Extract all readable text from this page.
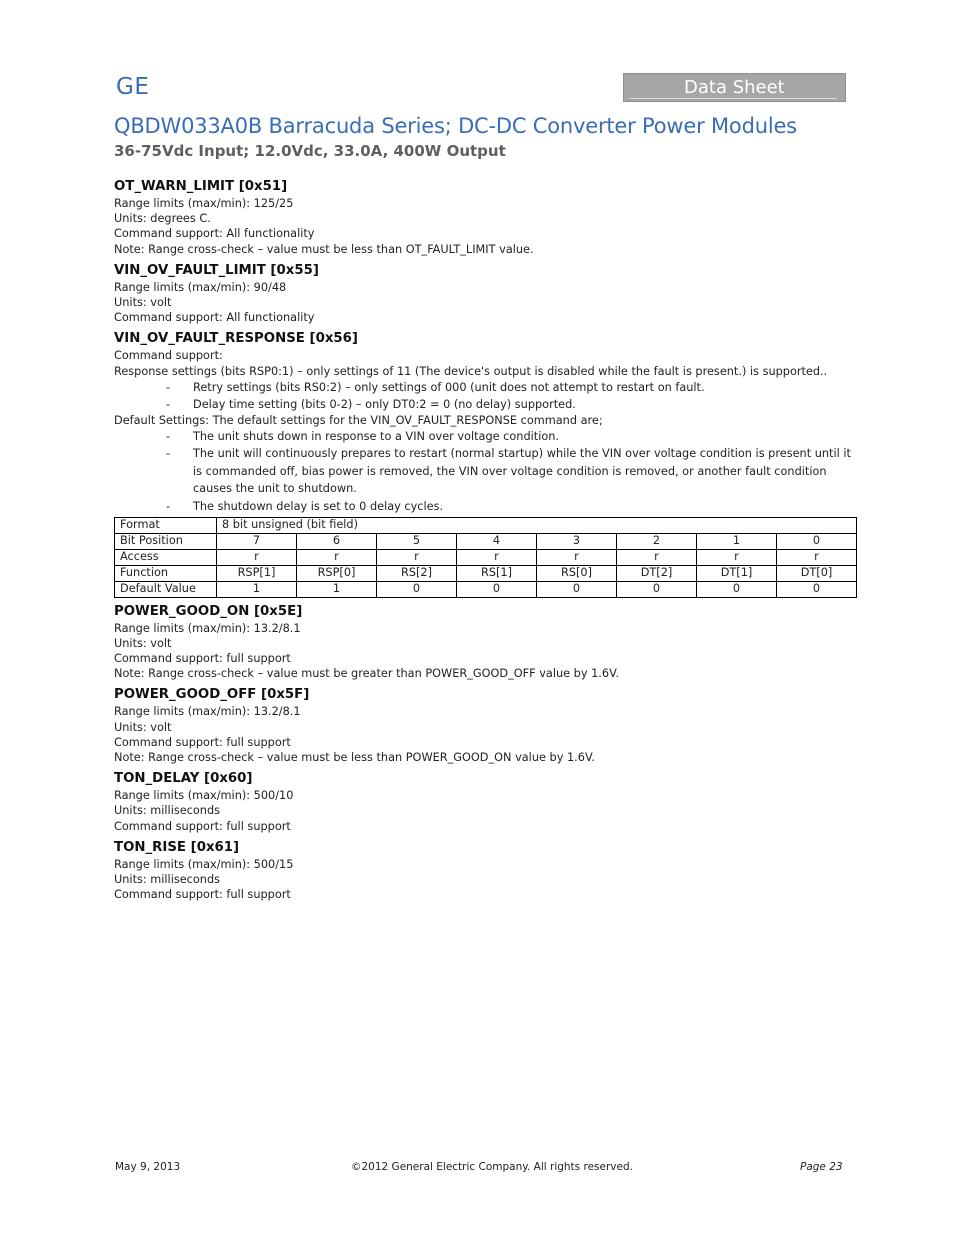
GE	Data Sheet
QBDW033A0B Barracuda Series; DC-DC Converter Power Modules
36-75Vdc Input; 12.0Vdc, 33.0A, 400W Output
OT_WARN_LIMIT [0x51]
Range limits (max/min): 125/25
Units: degrees C.
Command support: All functionality
Note: Range cross-check – value must be less than OT_FAULT_LIMIT value.
VIN_OV_FAULT_LIMIT [0x55]
Range limits (max/min): 90/48
Units: volt
Command support: All functionality
VIN_OV_FAULT_RESPONSE [0x56]
Command support:
Response settings (bits RSP0:1) – only settings of 11 (The device's output is disabled while the fault is present.) is supported..
- Retry settings (bits RS0:2) – only settings of 000 (unit does not attempt to restart on fault.
- Delay time setting (bits 0-2) – only DT0:2 = 0 (no delay) supported.
Default Settings: The default settings for the VIN_OV_FAULT_RESPONSE command are;
- The unit shuts down in response to a VIN over voltage condition.
- The unit will continuously prepares to restart (normal startup) while the VIN over voltage condition is present until it is commanded off, bias power is removed, the VIN over voltage condition is removed, or another fault condition causes the unit to shutdown.
- The shutdown delay is set to 0 delay cycles.
Format	8 bit unsigned (bit field)							
Bit Position	7	6	5	4	3	2	1	0
Access	r	r	r	r	r	r	r	r
Function	RSP[1]	RSP[0]	RS[2]	RS[1]	RS[0]	DT[2]	DT[1]	DT[0]
Default Value	1	1	0	0	0	0	0	0
POWER_GOOD_ON [0x5E]
Range limits (max/min): 13.2/8.1
Units: volt
Command support: full support
Note: Range cross-check – value must be greater than POWER_GOOD_OFF value by 1.6V.
POWER_GOOD_OFF [0x5F]
Range limits (max/min): 13.2/8.1
Units: volt
Command support: full support
Note: Range cross-check – value must be less than POWER_GOOD_ON value by 1.6V.
TON_DELAY [0x60]
Range limits (max/min): 500/10
Units: milliseconds
Command support: full support
TON_RISE [0x61]
Range limits (max/min): 500/15
Units: milliseconds
Command support: full support
May 9, 2013	©2012 General Electric Company. All rights reserved.	Page 23
